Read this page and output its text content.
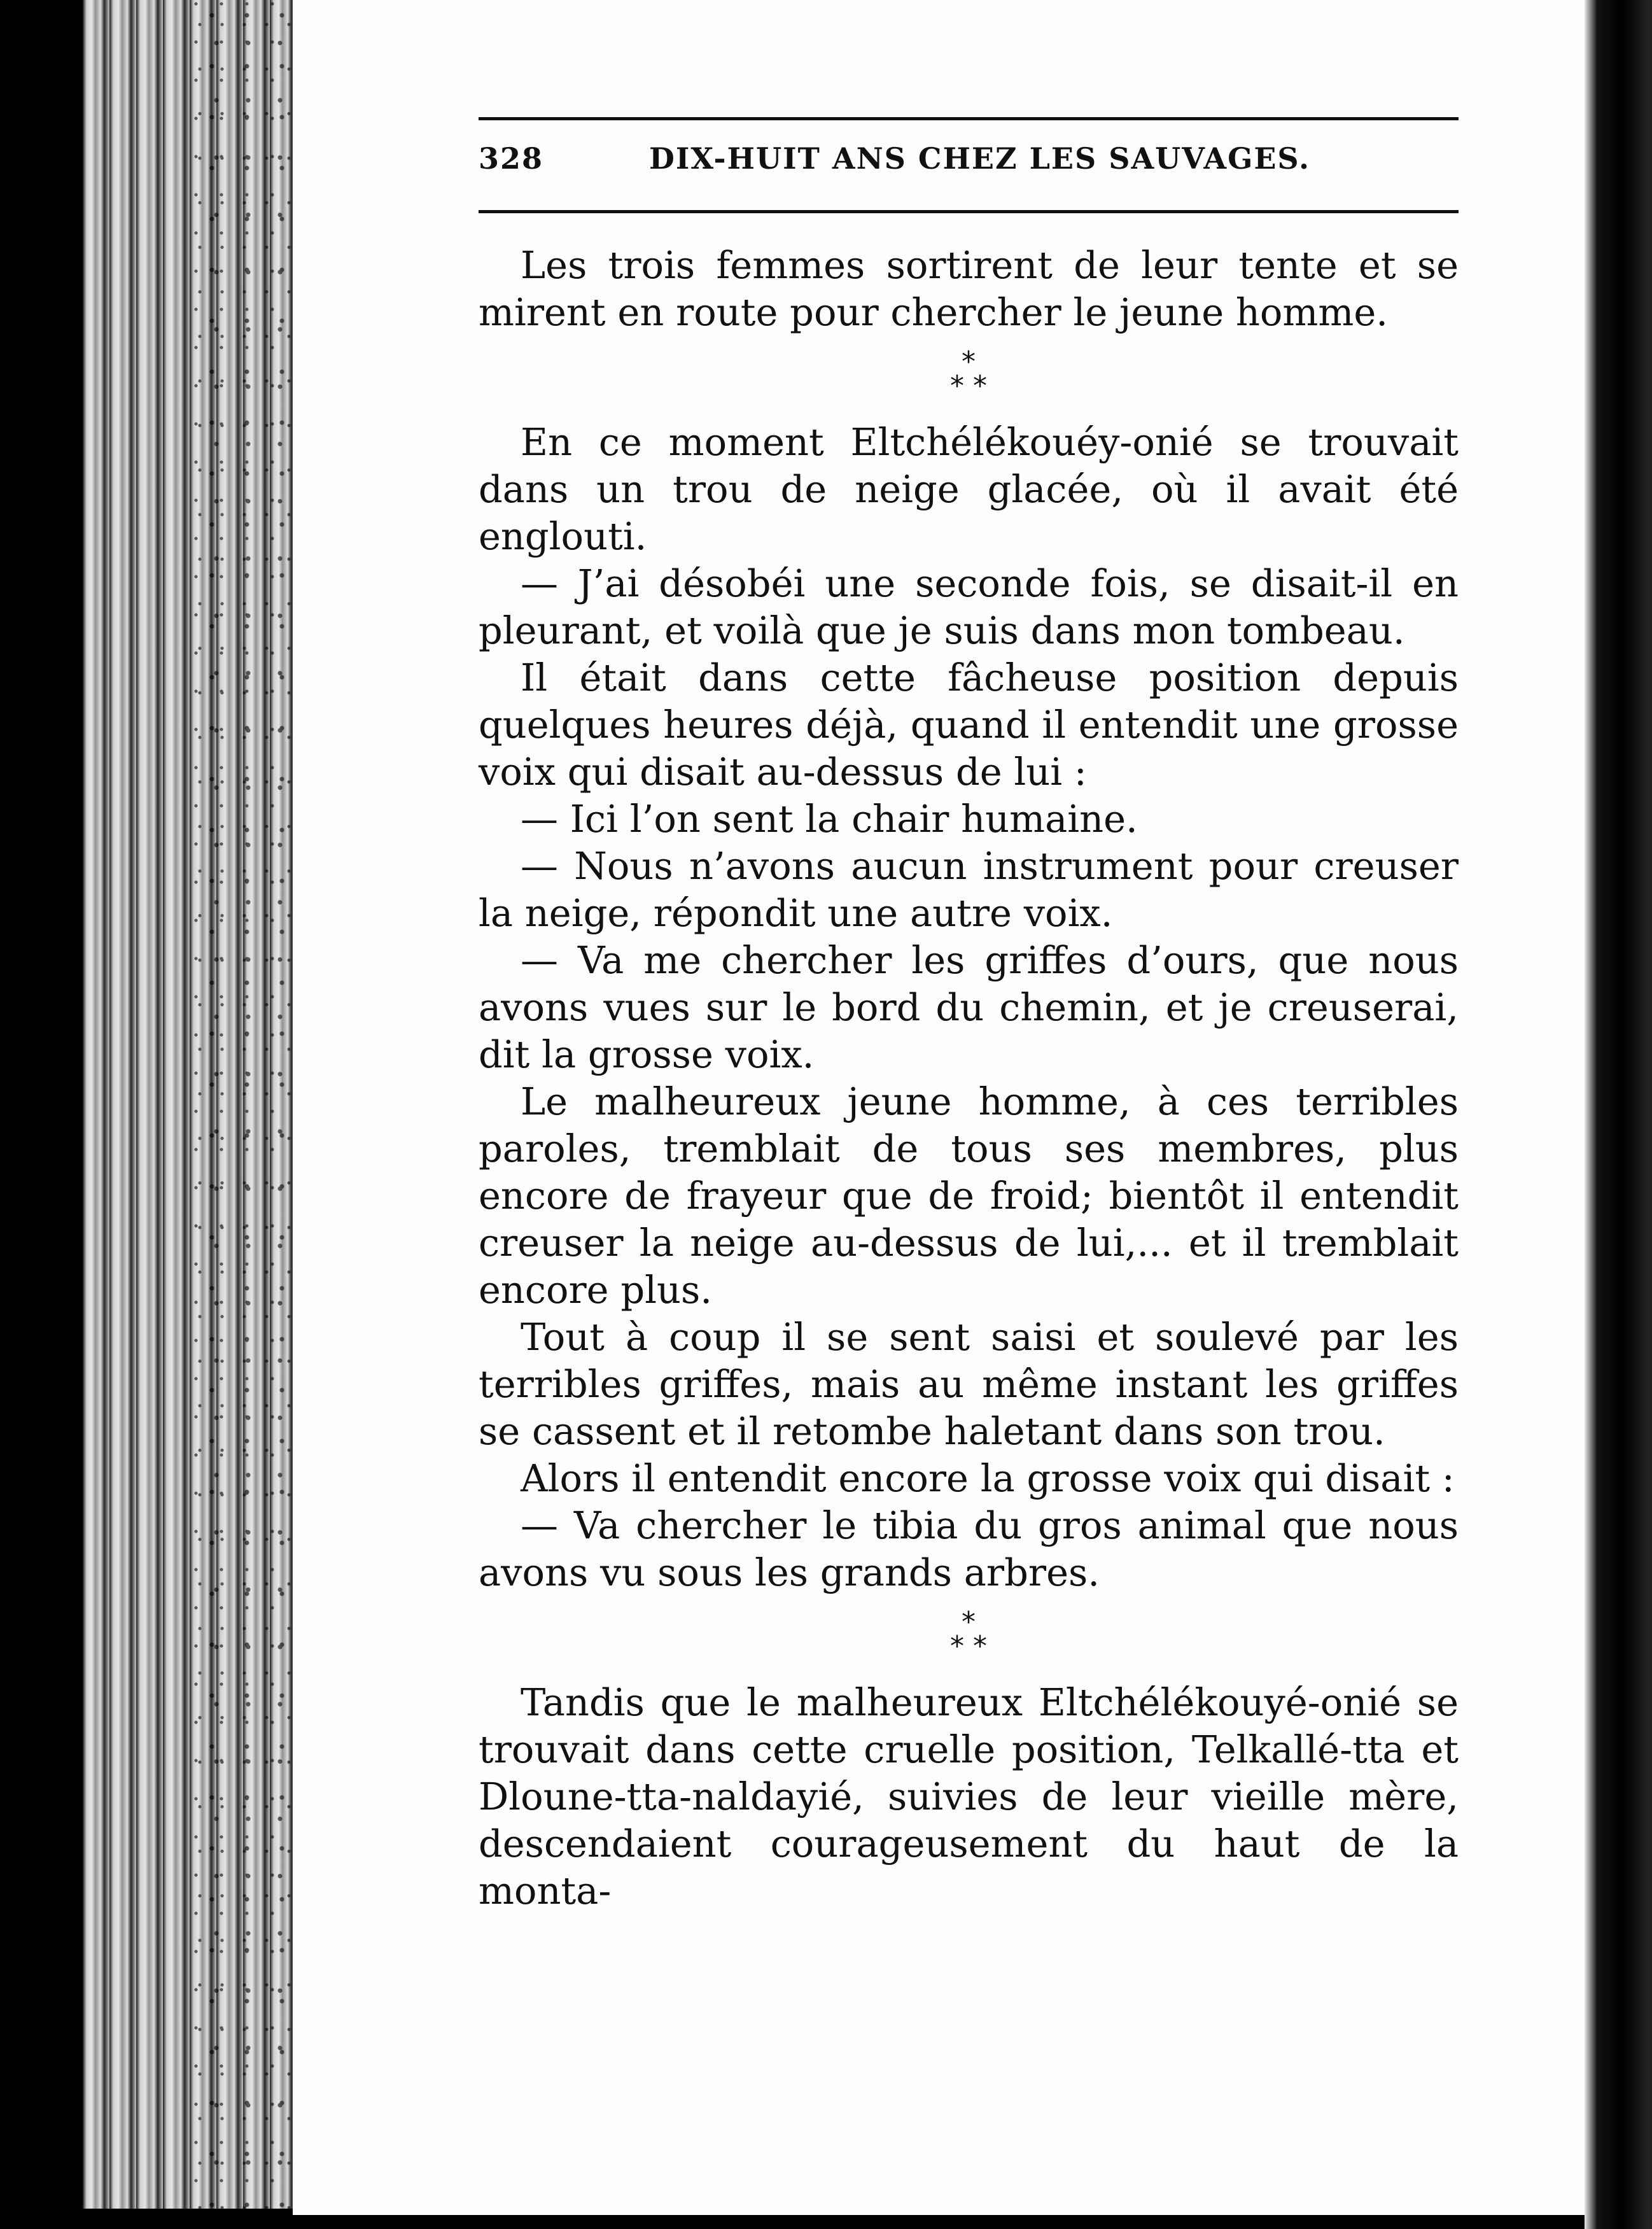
328	DIX-HUIT ANS CHEZ LES SAUVAGES.

Les trois femmes sortirent de leur tente et se mirent en route pour chercher le jeune homme.

*
* *

En ce moment Eltchélékouéy-onié se trouvait dans un trou de neige glacée, où il avait été englouti.

— J’ai désobéi une seconde fois, se disait-il en pleurant, et voilà que je suis dans mon tombeau.

Il était dans cette fâcheuse position depuis quelques heures déjà, quand il entendit une grosse voix qui disait au-dessus de lui :

— Ici l’on sent la chair humaine.

— Nous n’avons aucun instrument pour creuser la neige, répondit une autre voix.

— Va me chercher les griffes d’ours, que nous avons vues sur le bord du chemin, et je creuserai, dit la grosse voix.

Le malheureux jeune homme, à ces terribles paroles, tremblait de tous ses membres, plus encore de frayeur que de froid; bientôt il entendit creuser la neige au-dessus de lui,... et il tremblait encore plus.

Tout à coup il se sent saisi et soulevé par les terribles griffes, mais au même instant les griffes se cassent et il retombe haletant dans son trou.

Alors il entendit encore la grosse voix qui disait :

— Va chercher le tibia du gros animal que nous avons vu sous les grands arbres.

*
* *

Tandis que le malheureux Eltchélékouyé-onié se trouvait dans cette cruelle position, Telkallé-tta et Dloune-tta-naldayié, suivies de leur vieille mère, descendaient courageusement du haut de la monta-
